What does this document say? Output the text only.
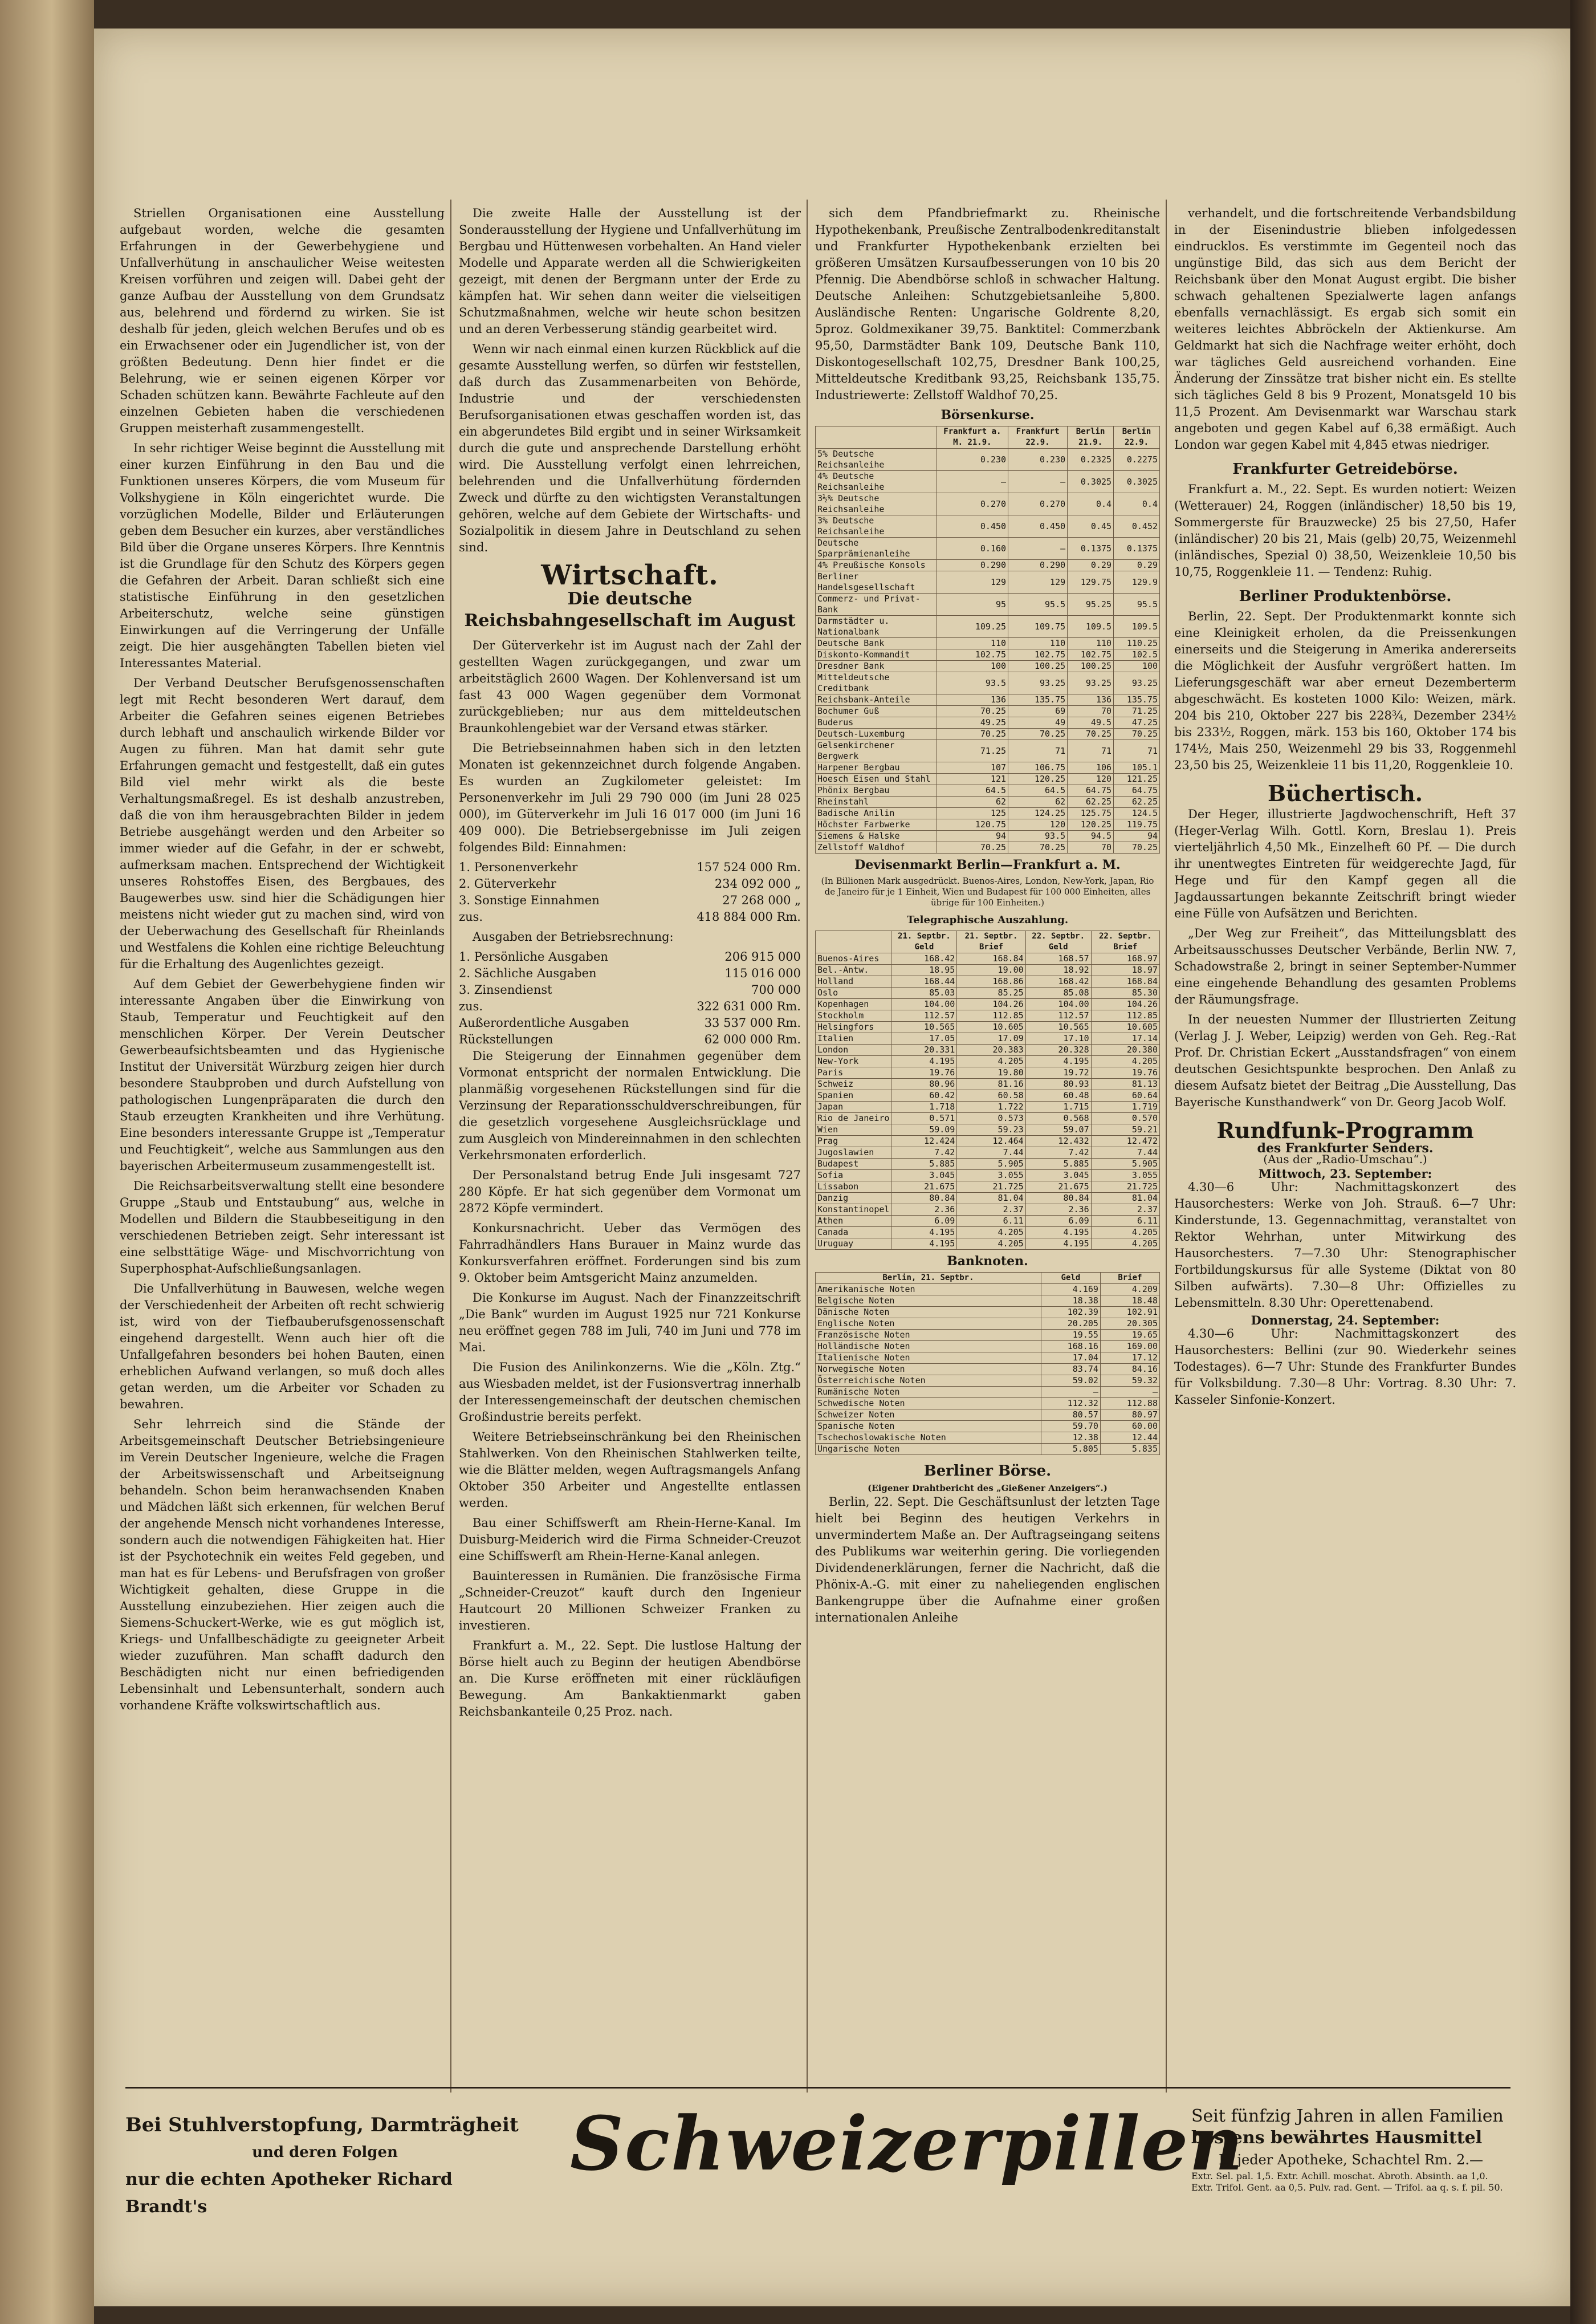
Striellen Organisationen eine Ausstellung aufgebaut worden, welche die gesamten Erfahrungen in der Gewerbehygiene und Unfallverhütung in anschaulicher Weise weitesten Kreisen vorführen und zeigen will. Dabei geht der ganze Aufbau der Ausstellung von dem Grundsatz aus, belehrend und fördernd zu wirken. Sie ist deshalb für jeden, gleich welchen Berufes und ob es ein Erwachsener oder ein Jugendlicher ist, von der größten Bedeutung. Denn hier findet er die Belehrung, wie er seinen eigenen Körper vor Schaden schützen kann. Bewährte Fachleute auf den einzelnen Gebieten haben die verschiedenen Gruppen meisterhaft zusammengestellt.

In sehr richtiger Weise beginnt die Ausstellung mit einer kurzen Einführung in den Bau und die Funktionen unseres Körpers, die vom Museum für Volkshygiene in Köln eingerichtet wurde. Die vorzüglichen Modelle, Bilder und Erläuterungen geben dem Besucher ein kurzes, aber verständliches Bild über die Organe unseres Körpers. Ihre Kenntnis ist die Grundlage für den Schutz des Körpers gegen die Gefahren der Arbeit. Daran schließt sich eine statistische Einführung in den gesetzlichen Arbeiterschutz, welche seine günstigen Einwirkungen auf die Verringerung der Unfälle zeigt. Die hier ausgehängten Tabellen bieten viel Interessantes Material.

Der Verband Deutscher Berufsgenossenschaften legt mit Recht besonderen Wert darauf, dem Arbeiter die Gefahren seines eigenen Betriebes durch lebhaft und anschaulich wirkende Bilder vor Augen zu führen. Man hat damit sehr gute Erfahrungen gemacht und festgestellt, daß ein gutes Bild viel mehr wirkt als die beste Verhaltungsmaßregel. Es ist deshalb anzustreben, daß die von ihm herausgebrachten Bilder in jedem Betriebe ausgehängt werden und den Arbeiter so immer wieder auf die Gefahr, in der er schwebt, aufmerksam machen. Entsprechend der Wichtigkeit unseres Rohstoffes Eisen, des Bergbaues, des Baugewerbes usw. sind hier die Schädigungen hier meistens nicht wieder gut zu machen sind, wird von der Ueberwachung des Gesellschaft für Rheinlands und Westfalens die Kohlen eine richtige Beleuchtung für die Erhaltung des Augenlichtes gezeigt.

Auf dem Gebiet der Gewerbehygiene finden wir interessante Angaben über die Einwirkung von Staub, Temperatur und Feuchtigkeit auf den menschlichen Körper. Der Verein Deutscher Gewerbeaufsichtsbeamten und das Hygienische Institut der Universität Würzburg zeigen hier durch besondere Staubproben und durch Aufstellung von pathologischen Lungenpräparaten die durch den Staub erzeugten Krankheiten und ihre Verhütung. Eine besonders interessante Gruppe ist „Temperatur und Feuchtigkeit“, welche aus Sammlungen aus den bayerischen Arbeitermuseum zusammengestellt ist.

Die Reichsarbeitsverwaltung stellt eine besondere Gruppe „Staub und Entstaubung“ aus, welche in Modellen und Bildern die Staubbeseitigung in den verschiedenen Betrieben zeigt. Sehr interessant ist eine selbsttätige Wäge- und Mischvorrichtung von Superphosphat-Aufschließungsanlagen.

Die Unfallverhütung in Bauwesen, welche wegen der Verschiedenheit der Arbeiten oft recht schwierig ist, wird von der Tiefbauberufsgenossenschaft eingehend dargestellt. Wenn auch hier oft die Unfallgefahren besonders bei hohen Bauten, einen erheblichen Aufwand verlangen, so muß doch alles getan werden, um die Arbeiter vor Schaden zu bewahren.

Sehr lehrreich sind die Stände der Arbeitsgemeinschaft Deutscher Betriebsingenieure im Verein Deutscher Ingenieure, welche die Fragen der Arbeitswissenschaft und Arbeitseignung behandeln. Schon beim heranwachsenden Knaben und Mädchen läßt sich erkennen, für welchen Beruf der angehende Mensch nicht vorhandenes Interesse, sondern auch die notwendigen Fähigkeiten hat. Hier ist der Psychotechnik ein weites Feld gegeben, und man hat es für Lebens- und Berufsfragen von großer Wichtigkeit gehalten, diese Gruppe in die Ausstellung einzubeziehen. Hier zeigen auch die Siemens-Schuckert-Werke, wie es gut möglich ist, Kriegs- und Unfallbeschädigte zu geeigneter Arbeit wieder zuzuführen. Man schafft dadurch den Beschädigten nicht nur einen befriedigenden Lebensinhalt und Lebensunterhalt, sondern auch vorhandene Kräfte volkswirtschaftlich aus.

Die zweite Halle der Ausstellung ist der Sonderausstellung der Hygiene und Unfallverhütung im Bergbau und Hüttenwesen vorbehalten. An Hand vieler Modelle und Apparate werden all die Schwierigkeiten gezeigt, mit denen der Bergmann unter der Erde zu kämpfen hat. Wir sehen dann weiter die vielseitigen Schutzmaßnahmen, welche wir heute schon besitzen und an deren Verbesserung ständig gearbeitet wird.

Wenn wir nach einmal einen kurzen Rückblick auf die gesamte Ausstellung werfen, so dürfen wir feststellen, daß durch das Zusammenarbeiten von Behörde, Industrie und der verschiedensten Berufsorganisationen etwas geschaffen worden ist, das ein abgerundetes Bild ergibt und in seiner Wirksamkeit durch die gute und ansprechende Darstellung erhöht wird. Die Ausstellung verfolgt einen lehrreichen, belehrenden und die Unfallverhütung fördernden Zweck und dürfte zu den wichtigsten Veranstaltungen gehören, welche auf dem Gebiete der Wirtschafts- und Sozialpolitik in diesem Jahre in Deutschland zu sehen sind.

Wirtschaft.
Die deutsche Reichsbahngesellschaft im August

Der Güterverkehr ist im August nach der Zahl der gestellten Wagen zurückgegangen, und zwar um arbeitstäglich 2600 Wagen. Der Kohlenversand ist um fast 43 000 Wagen gegenüber dem Vormonat zurückgeblieben; nur aus dem mitteldeutschen Braunkohlengebiet war der Versand etwas stärker.

Die Betriebseinnahmen haben sich in den letzten Monaten ist gekennzeichnet durch folgende Angaben. Es wurden an Zugkilometer geleistet: Im Personenverkehr im Juli 29 790 000 (im Juni 28 025 000), im Güterverkehr im Juli 16 017 000 (im Juni 16 409 000). Die Betriebsergebnisse im Juli zeigen folgendes Bild: Einnahmen:

1. Personenverkehr	157 524 000 Rm.
2. Güterverkehr	234 092 000 „
3. Sonstige Einnahmen	27 268 000 „
zus.	418 884 000 Rm.

Ausgaben der Betriebsrechnung:

1. Persönliche Ausgaben	206 915 000
2. Sächliche Ausgaben	115 016 000
3. Zinsendienst	700 000
zus.	322 631 000 Rm.
Außerordentliche Ausgaben	33 537 000 Rm.
Rückstellungen	62 000 000 Rm.

Die Steigerung der Einnahmen gegenüber dem Vormonat entspricht der normalen Entwicklung. Die planmäßig vorgesehenen Rückstellungen sind für die Verzinsung der Reparationsschuldverschreibungen, für die gesetzlich vorgesehene Ausgleichsrücklage und zum Ausgleich von Mindereinnahmen in den schlechten Verkehrsmonaten erforderlich.

Der Personalstand betrug Ende Juli insgesamt 727 280 Köpfe. Er hat sich gegenüber dem Vormonat um 2872 Köpfe vermindert.

Konkursnachricht. Ueber das Vermögen des Fahrradhändlers Hans Burauer in Mainz wurde das Konkursverfahren eröffnet. Forderungen sind bis zum 9. Oktober beim Amtsgericht Mainz anzumelden.

Die Konkurse im August. Nach der Finanzzeitschrift „Die Bank“ wurden im August 1925 nur 721 Konkurse neu eröffnet gegen 788 im Juli, 740 im Juni und 778 im Mai.

Die Fusion des Anilinkonzerns. Wie die „Köln. Ztg.“ aus Wiesbaden meldet, ist der Fusionsvertrag innerhalb der Interessengemeinschaft der deutschen chemischen Großindustrie bereits perfekt.

Weitere Betriebseinschränkung bei den Rheinischen Stahlwerken. Von den Rheinischen Stahlwerken teilte, wie die Blätter melden, wegen Auftragsmangels Anfang Oktober 350 Arbeiter und Angestellte entlassen werden.

Bau einer Schiffswerft am Rhein-Herne-Kanal. Im Duisburg-Meiderich wird die Firma Schneider-Creuzot eine Schiffswerft am Rhein-Herne-Kanal anlegen.

Bauinteressen in Rumänien. Die französische Firma „Schneider-Creuzot“ kauft durch den Ingenieur Hautcourt 20 Millionen Schweizer Franken zu investieren.

Frankfurt a. M., 22. Sept. Die lustlose Haltung der Börse hielt auch zu Beginn der heutigen Abendbörse an. Die Kurse eröffneten mit einer rückläufigen Bewegung. Am Bankaktienmarkt gaben Reichsbankanteile 0,25 Proz. nach.

sich dem Pfandbriefmarkt zu. Rheinische Hypothekenbank, Preußische Zentralbodenkreditanstalt und Frankfurter Hypothekenbank erzielten bei größeren Umsätzen Kursaufbesserungen von 10 bis 20 Pfennig. Die Abendbörse schloß in schwacher Haltung. Deutsche Anleihen: Schutzgebietsanleihe 5,800. Ausländische Renten: Ungarische Goldrente 8,20, 5proz. Goldmexikaner 39,75. Banktitel: Commerzbank 95,50, Darmstädter Bank 109, Deutsche Bank 110, Diskontogesellschaft 102,75, Dresdner Bank 100,25, Mitteldeutsche Kreditbank 93,25, Reichsbank 135,75. Industriewerte: Zellstoff Waldhof 70,25.

Börsenkurse.
	Frankfurt a. M. 21.9.	Frankfurt 22.9.	Berlin 21.9.	Berlin 22.9.
5% Deutsche Reichsanleihe	0.230	0.230	0.2325	0.2275
4% Deutsche Reichsanleihe	—	—	0.3025	0.3025
3½% Deutsche Reichsanleihe	0.270	0.270	0.4	0.4
3% Deutsche Reichsanleihe	0.450	0.450	0.45	0.452
Deutsche Sparprämienanleihe	0.160	—	0.1375	0.1375
4% Preußische Konsols	0.290	0.290	0.29	0.29
Berliner Handelsgesellschaft	129	129	129.75	129.9
Commerz- und Privat-Bank	95	95.5	95.25	95.5
Darmstädter u. Nationalbank	109.25	109.75	109.5	109.5
Deutsche Bank	110	110	110	110.25
Diskonto-Kommandit	102.75	102.75	102.75	102.5
Dresdner Bank	100	100.25	100.25	100
Mitteldeutsche Creditbank	93.5	93.25	93.25	93.25
Reichsbank-Anteile	136	135.75	136	135.75
Bochumer Guß	70.25	69	70	71.25
Buderus	49.25	49	49.5	47.25
Deutsch-Luxemburg	70.25	70.25	70.25	70.25
Gelsenkirchener Bergwerk	71.25	71	71	71
Harpener Bergbau	107	106.75	106	105.1
Hoesch Eisen und Stahl	121	120.25	120	121.25
Phönix Bergbau	64.5	64.5	64.75	64.75
Rheinstahl	62	62	62.25	62.25
Badische Anilin	125	124.25	125.75	124.5
Höchster Farbwerke	120.75	120	120.25	119.75
Siemens & Halske	94	93.5	94.5	94
Zellstoff Waldhof	70.25	70.25	70	70.25
Devisenmarkt Berlin—Frankfurt a. M.
(In Billionen Mark ausgedrückt. Buenos-Aires, London, New-York, Japan, Rio de Janeiro für je 1 Einheit, Wien und Budapest für 100 000 Einheiten, alles übrige für 100 Einheiten.)
Telegraphische Auszahlung.
	21. Septbr. Geld	21. Septbr. Brief	22. Septbr. Geld	22. Septbr. Brief
Buenos-Aires	168.42	168.84	168.57	168.97
Bel.-Antw.	18.95	19.00	18.92	18.97
Holland	168.44	168.86	168.42	168.84
Oslo	85.03	85.25	85.08	85.30
Kopenhagen	104.00	104.26	104.00	104.26
Stockholm	112.57	112.85	112.57	112.85
Helsingfors	10.565	10.605	10.565	10.605
Italien	17.05	17.09	17.10	17.14
London	20.331	20.383	20.328	20.380
New-York	4.195	4.205	4.195	4.205
Paris	19.76	19.80	19.72	19.76
Schweiz	80.96	81.16	80.93	81.13
Spanien	60.42	60.58	60.48	60.64
Japan	1.718	1.722	1.715	1.719
Rio de Janeiro	0.571	0.573	0.568	0.570
Wien	59.09	59.23	59.07	59.21
Prag	12.424	12.464	12.432	12.472
Jugoslawien	7.42	7.44	7.42	7.44
Budapest	5.885	5.905	5.885	5.905
Sofia	3.045	3.055	3.045	3.055
Lissabon	21.675	21.725	21.675	21.725
Danzig	80.84	81.04	80.84	81.04
Konstantinopel	2.36	2.37	2.36	2.37
Athen	6.09	6.11	6.09	6.11
Canada	4.195	4.205	4.195	4.205
Uruguay	4.195	4.205	4.195	4.205
Banknoten.
Berlin, 21. Septbr.	Geld	Brief
Amerikanische Noten	4.169	4.209
Belgische Noten	18.38	18.48
Dänische Noten	102.39	102.91
Englische Noten	20.205	20.305
Französische Noten	19.55	19.65
Holländische Noten	168.16	169.00
Italienische Noten	17.04	17.12
Norwegische Noten	83.74	84.16
Österreichische Noten	59.02	59.32
Rumänische Noten	—	—
Schwedische Noten	112.32	112.88
Schweizer Noten	80.57	80.97
Spanische Noten	59.70	60.00
Tschechoslowakische Noten	12.38	12.44
Ungarische Noten	5.805	5.835
Berliner Börse.
(Eigener Drahtbericht des „Gießener Anzeigers“.)

Berlin, 22. Sept. Die Geschäftsunlust der letzten Tage hielt bei Beginn des heutigen Verkehrs in unvermindertem Maße an. Der Auftragseingang seitens des Publikums war weiterhin gering. Die vorliegenden Dividendenerklärungen, ferner die Nachricht, daß die Phönix-A.-G. mit einer zu naheliegenden englischen Bankengruppe über die Aufnahme einer großen internationalen Anleihe

verhandelt, und die fortschreitende Verbandsbildung in der Eisenindustrie blieben infolgedessen eindrucklos. Es verstimmte im Gegenteil noch das ungünstige Bild, das sich aus dem Bericht der Reichsbank über den Monat August ergibt. Die bisher schwach gehaltenen Spezialwerte lagen anfangs ebenfalls vernachlässigt. Es ergab sich somit ein weiteres leichtes Abbröckeln der Aktienkurse. Am Geldmarkt hat sich die Nachfrage weiter erhöht, doch war tägliches Geld ausreichend vorhanden. Eine Änderung der Zinssätze trat bisher nicht ein. Es stellte sich tägliches Geld 8 bis 9 Prozent, Monatsgeld 10 bis 11,5 Prozent. Am Devisenmarkt war Warschau stark angeboten und gegen Kabel auf 6,38 ermäßigt. Auch London war gegen Kabel mit 4,845 etwas niedriger.

Frankfurter Getreidebörse.

Frankfurt a. M., 22. Sept. Es wurden notiert: Weizen (Wetterauer) 24, Roggen (inländischer) 18,50 bis 19, Sommergerste für Brauzwecke) 25 bis 27,50, Hafer (inländischer) 20 bis 21, Mais (gelb) 20,75, Weizenmehl (inländisches, Spezial 0) 38,50, Weizenkleie 10,50 bis 10,75, Roggenkleie 11. — Tendenz: Ruhig.

Berliner Produktenbörse.

Berlin, 22. Sept. Der Produktenmarkt konnte sich eine Kleinigkeit erholen, da die Preissenkungen einerseits und die Steigerung in Amerika andererseits die Möglichkeit der Ausfuhr vergrößert hatten. Im Lieferungsgeschäft war aber erneut Dezemberterm abgeschwächt. Es kosteten 1000 Kilo: Weizen, märk. 204 bis 210, Oktober 227 bis 228¾, Dezember 234½ bis 233½, Roggen, märk. 153 bis 160, Oktober 174 bis 174½, Mais 250, Weizenmehl 29 bis 33, Roggenmehl 23,50 bis 25, Weizenkleie 11 bis 11,20, Roggenkleie 10.

Büchertisch.

Der Heger, illustrierte Jagdwochenschrift, Heft 37 (Heger-Verlag Wilh. Gottl. Korn, Breslau 1). Preis vierteljährlich 4,50 Mk., Einzelheft 60 Pf. — Die durch ihr unentwegtes Eintreten für weidgerechte Jagd, für Hege und für den Kampf gegen all die Jagdaussartungen bekannte Zeitschrift bringt wieder eine Fülle von Aufsätzen und Berichten.

„Der Weg zur Freiheit“, das Mitteilungsblatt des Arbeitsausschusses Deutscher Verbände, Berlin NW. 7, Schadowstraße 2, bringt in seiner September-Nummer eine eingehende Behandlung des gesamten Problems der Räumungsfrage.

In der neuesten Nummer der Illustrierten Zeitung (Verlag J. J. Weber, Leipzig) werden von Geh. Reg.-Rat Prof. Dr. Christian Eckert „Ausstandsfragen“ von einem deutschen Gesichtspunkte besprochen. Den Anlaß zu diesem Aufsatz bietet der Beitrag „Die Ausstellung, Das Bayerische Kunsthandwerk“ von Dr. Georg Jacob Wolf.

Rundfunk-Programm
des Frankfurter Senders.
(Aus der „Radio-Umschau“.)
Mittwoch, 23. September:

4.30—6 Uhr: Nachmittagskonzert des Hausorchesters: Werke von Joh. Strauß. 6—7 Uhr: Kinderstunde, 13. Gegennachmittag, veranstaltet von Rektor Wehrhan, unter Mitwirkung des Hausorchesters. 7—7.30 Uhr: Stenographischer Fortbildungskursus für alle Systeme (Diktat von 80 Silben aufwärts). 7.30—8 Uhr: Offizielles zu Lebensmitteln. 8.30 Uhr: Operettenabend.

Donnerstag, 24. September:

4.30—6 Uhr: Nachmittagskonzert des Hausorchesters: Bellini (zur 90. Wiederkehr seines Todestages). 6—7 Uhr: Stunde des Frankfurter Bundes für Volksbildung. 7.30—8 Uhr: Vortrag. 8.30 Uhr: 7. Kasseler Sinfonie-Konzert.

Bei Stuhlverstopfung, Darmträgheit
und deren Folgen
nur die echten Apotheker Richard Brandt's
Schweizerpillen
Seit fünfzig Jahren in allen Familien
bestens bewährtes Hausmittel
In jeder Apotheke, Schachtel Rm. 2.—
Extr. Sel. pal. 1,5. Extr. Achill. moschat. Abroth. Absinth. aa 1,0. Extr. Trifol. Gent. aa 0,5. Pulv. rad. Gent. — Trifol. aa q. s. f. pil. 50.
